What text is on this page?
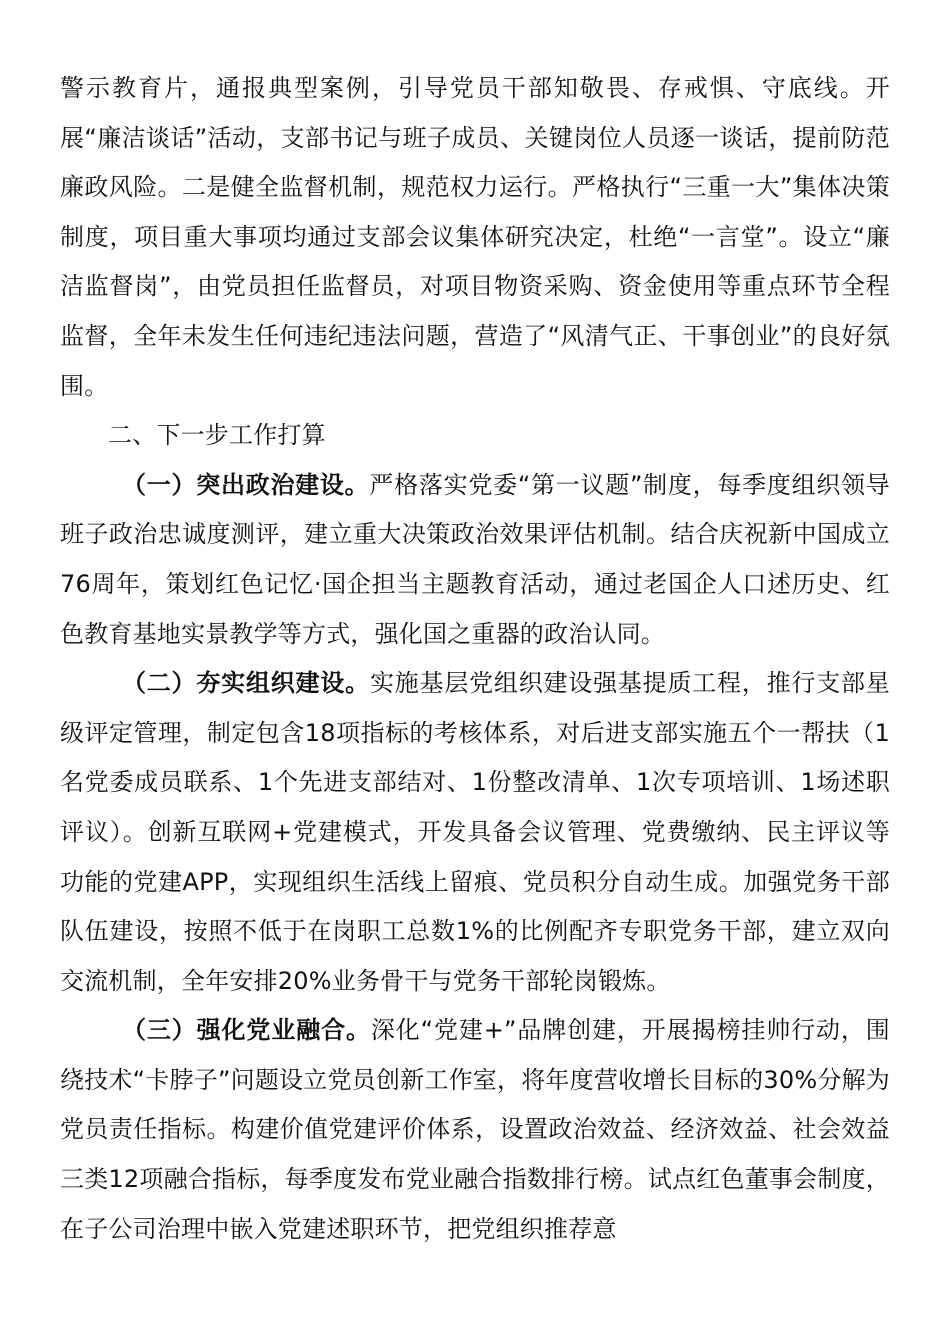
警示教育片，通报典型案例，引导党员干部知敬畏、存戒惧、守底线。开展“廉洁谈话”活动，支部书记与班子成员、关键岗位人员逐一谈话，提前防范廉政风险。二是健全监督机制，规范权力运行。严格执行“三重一大”集体决策制度，项目重大事项均通过支部会议集体研究决定，杜绝“一言堂”。设立“廉洁监督岗”，由党员担任监督员，对项目物资采购、资金使用等重点环节全程监督，全年未发生任何违纪违法问题，营造了“风清气正、干事创业”的良好氛围。

二、下一步工作打算

（一）突出政治建设。严格落实党委“第一议题”制度，每季度组织领导班子政治忠诚度测评，建立重大决策政治效果评估机制。结合庆祝新中国成立76周年，策划红色记忆·国企担当主题教育活动，通过老国企人口述历史、红色教育基地实景教学等方式，强化国之重器的政治认同。

（二）夯实组织建设。实施基层党组织建设强基提质工程，推行支部星级评定管理，制定包含18项指标的考核体系，对后进支部实施五个一帮扶（1名党委成员联系、1个先进支部结对、1份整改清单、1次专项培训、1场述职评议）。创新互联网+党建模式，开发具备会议管理、党费缴纳、民主评议等功能的党建APP，实现组织生活线上留痕、党员积分自动生成。加强党务干部队伍建设，按照不低于在岗职工总数1%的比例配齐专职党务干部，建立双向交流机制，全年安排20%业务骨干与党务干部轮岗锻炼。

（三）强化党业融合。深化“党建+”品牌创建，开展揭榜挂帅行动，围绕技术“卡脖子”问题设立党员创新工作室，将年度营收增长目标的30%分解为党员责任指标。构建价值党建评价体系，设置政治效益、经济效益、社会效益三类12项融合指标，每季度发布党业融合指数排行榜。试点红色董事会制度，在子公司治理中嵌入党建述职环节，把党组织推荐意
